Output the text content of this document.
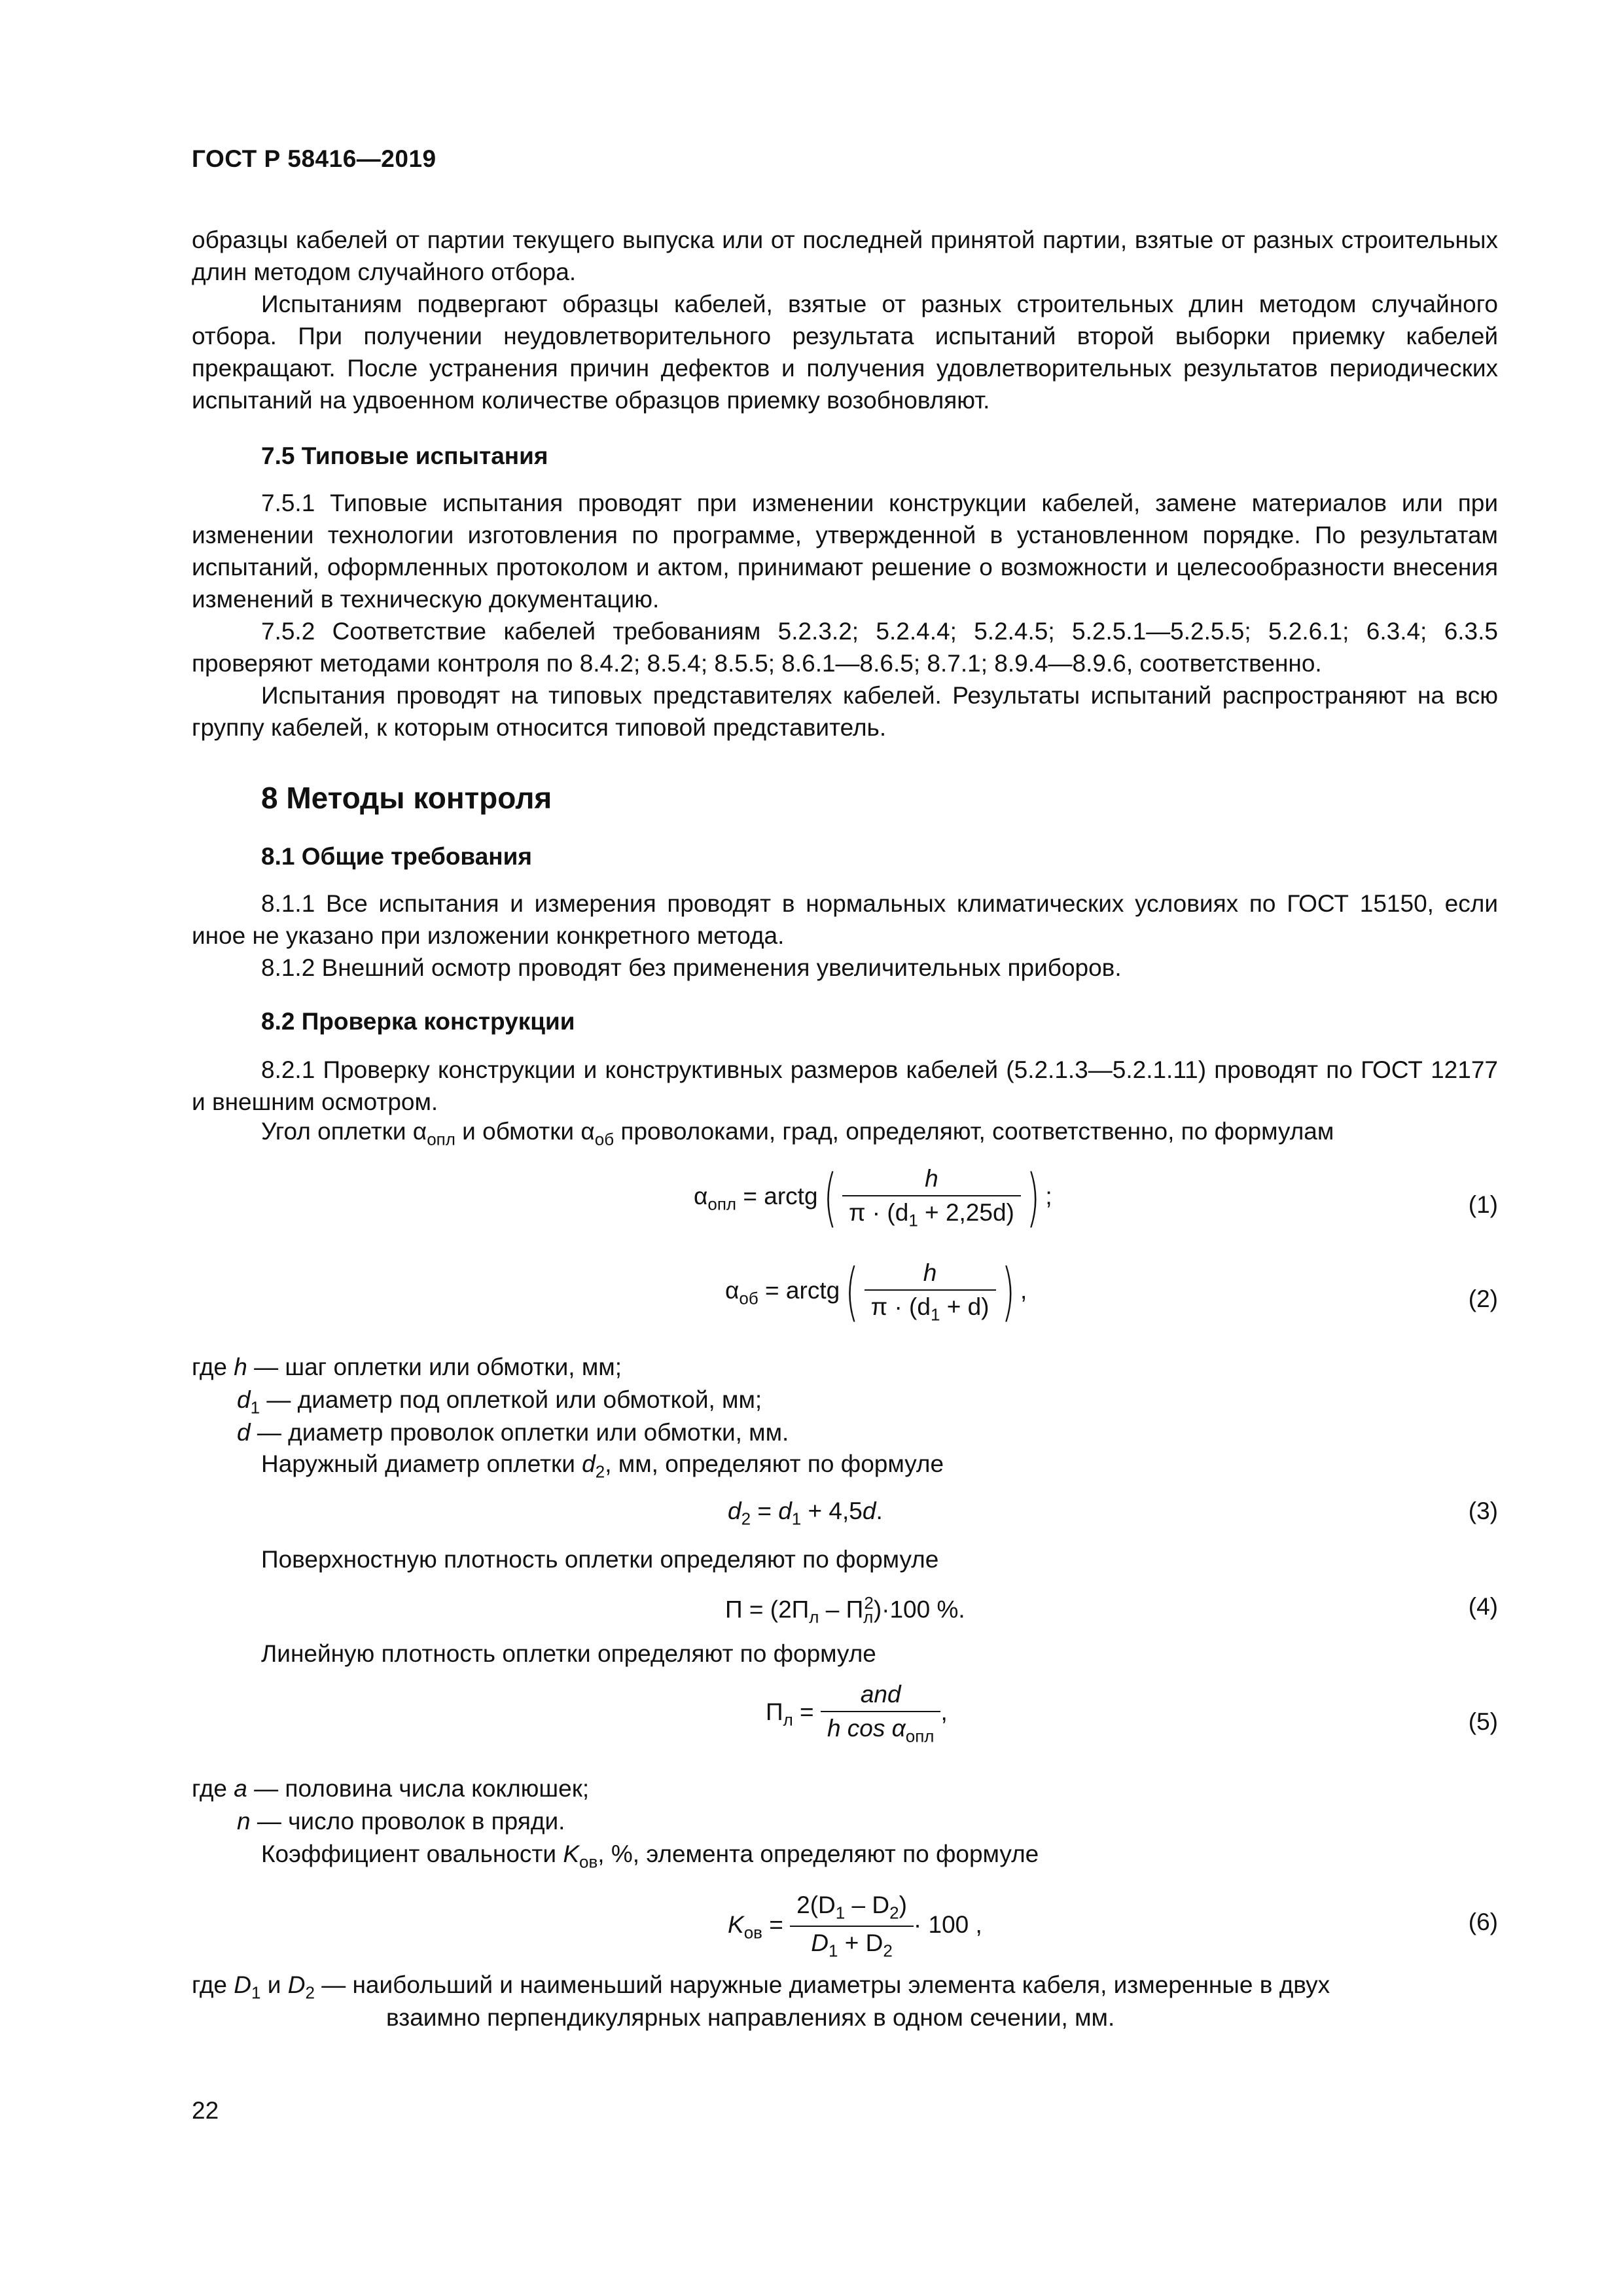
ГОСТ Р 58416—2019
образцы кабелей от партии текущего выпуска или от последней принятой партии, взятые от разных строительных длин методом случайного отбора.
Испытаниям подвергают образцы кабелей, взятые от разных строительных длин методом случайного отбора. При получении неудовлетворительного результата испытаний второй выборки приемку кабелей прекращают. После устранения причин дефектов и получения удовлетворительных результатов периодических испытаний на удвоенном количестве образцов приемку возобновляют.
7.5 Типовые испытания
7.5.1 Типовые испытания проводят при изменении конструкции кабелей, замене материалов или при изменении технологии изготовления по программе, утвержденной в установленном порядке. По результатам испытаний, оформленных протоколом и актом, принимают решение о возможности и целесообразности внесения изменений в техническую документацию.
7.5.2 Соответствие кабелей требованиям 5.2.3.2; 5.2.4.4; 5.2.4.5; 5.2.5.1—5.2.5.5; 5.2.6.1; 6.3.4; 6.3.5 проверяют методами контроля по 8.4.2; 8.5.4; 8.5.5; 8.6.1—8.6.5; 8.7.1; 8.9.4—8.9.6, соответственно.
Испытания проводят на типовых представителях кабелей. Результаты испытаний распространяют на всю группу кабелей, к которым относится типовой представитель.
8 Методы контроля
8.1 Общие требования
8.1.1 Все испытания и измерения проводят в нормальных климатических условиях по ГОСТ 15150, если иное не указано при изложении конкретного метода.
8.1.2 Внешний осмотр проводят без применения увеличительных приборов.
8.2 Проверка конструкции
8.2.1 Проверку конструкции и конструктивных размеров кабелей (5.2.1.3—5.2.1.11) проводят по ГОСТ 12177 и внешним осмотром.
Угол оплетки $\alpha_{опл}$ и обмотки $\alpha_{об}$ проволоками, град, определяют, соответственно, по формулам
$\alpha_{опл}$ = arctg( $\frac{h}{\pi \cdot (d_1 + 2,25d)}$ ) ;	(1)
$\alpha_{об}$ = arctg( $\frac{h}{\pi \cdot (d_1 + d)}$ ) ,	(2)
где h — шаг оплетки или обмотки, мм;
$d_1$ — диаметр под оплеткой или обмоткой, мм;
d — диаметр проволок оплетки или обмотки, мм.
Наружный диаметр оплетки $d_2$, мм, определяют по формуле
$d_2 = d_1 + 4,5d$.	(3)
Поверхностную плотность оплетки определяют по формуле
$П = (2П_л - П_л^2)\cdot 100$ %.	(4)
Линейную плотность оплетки определяют по формуле
$П_л = \frac{\text{and}}{h \cos \alpha_{опл}}$ ,	(5)
где a — половина числа коклюшек;
n — число проволок в пряди.
Коэффициент овальности $K_{ов}$, %, элемента определяют по формуле
$K_{ов} = \frac{2(D_1 - D_2)}{D_1 + D_2} \cdot 100$ ,	(6)
где $D_1$ и $D_2$ — наибольший и наименьший наружные диаметры элемента кабеля, измеренные в двух
взаимно перпендикулярных направлениях в одном сечении, мм.
22
